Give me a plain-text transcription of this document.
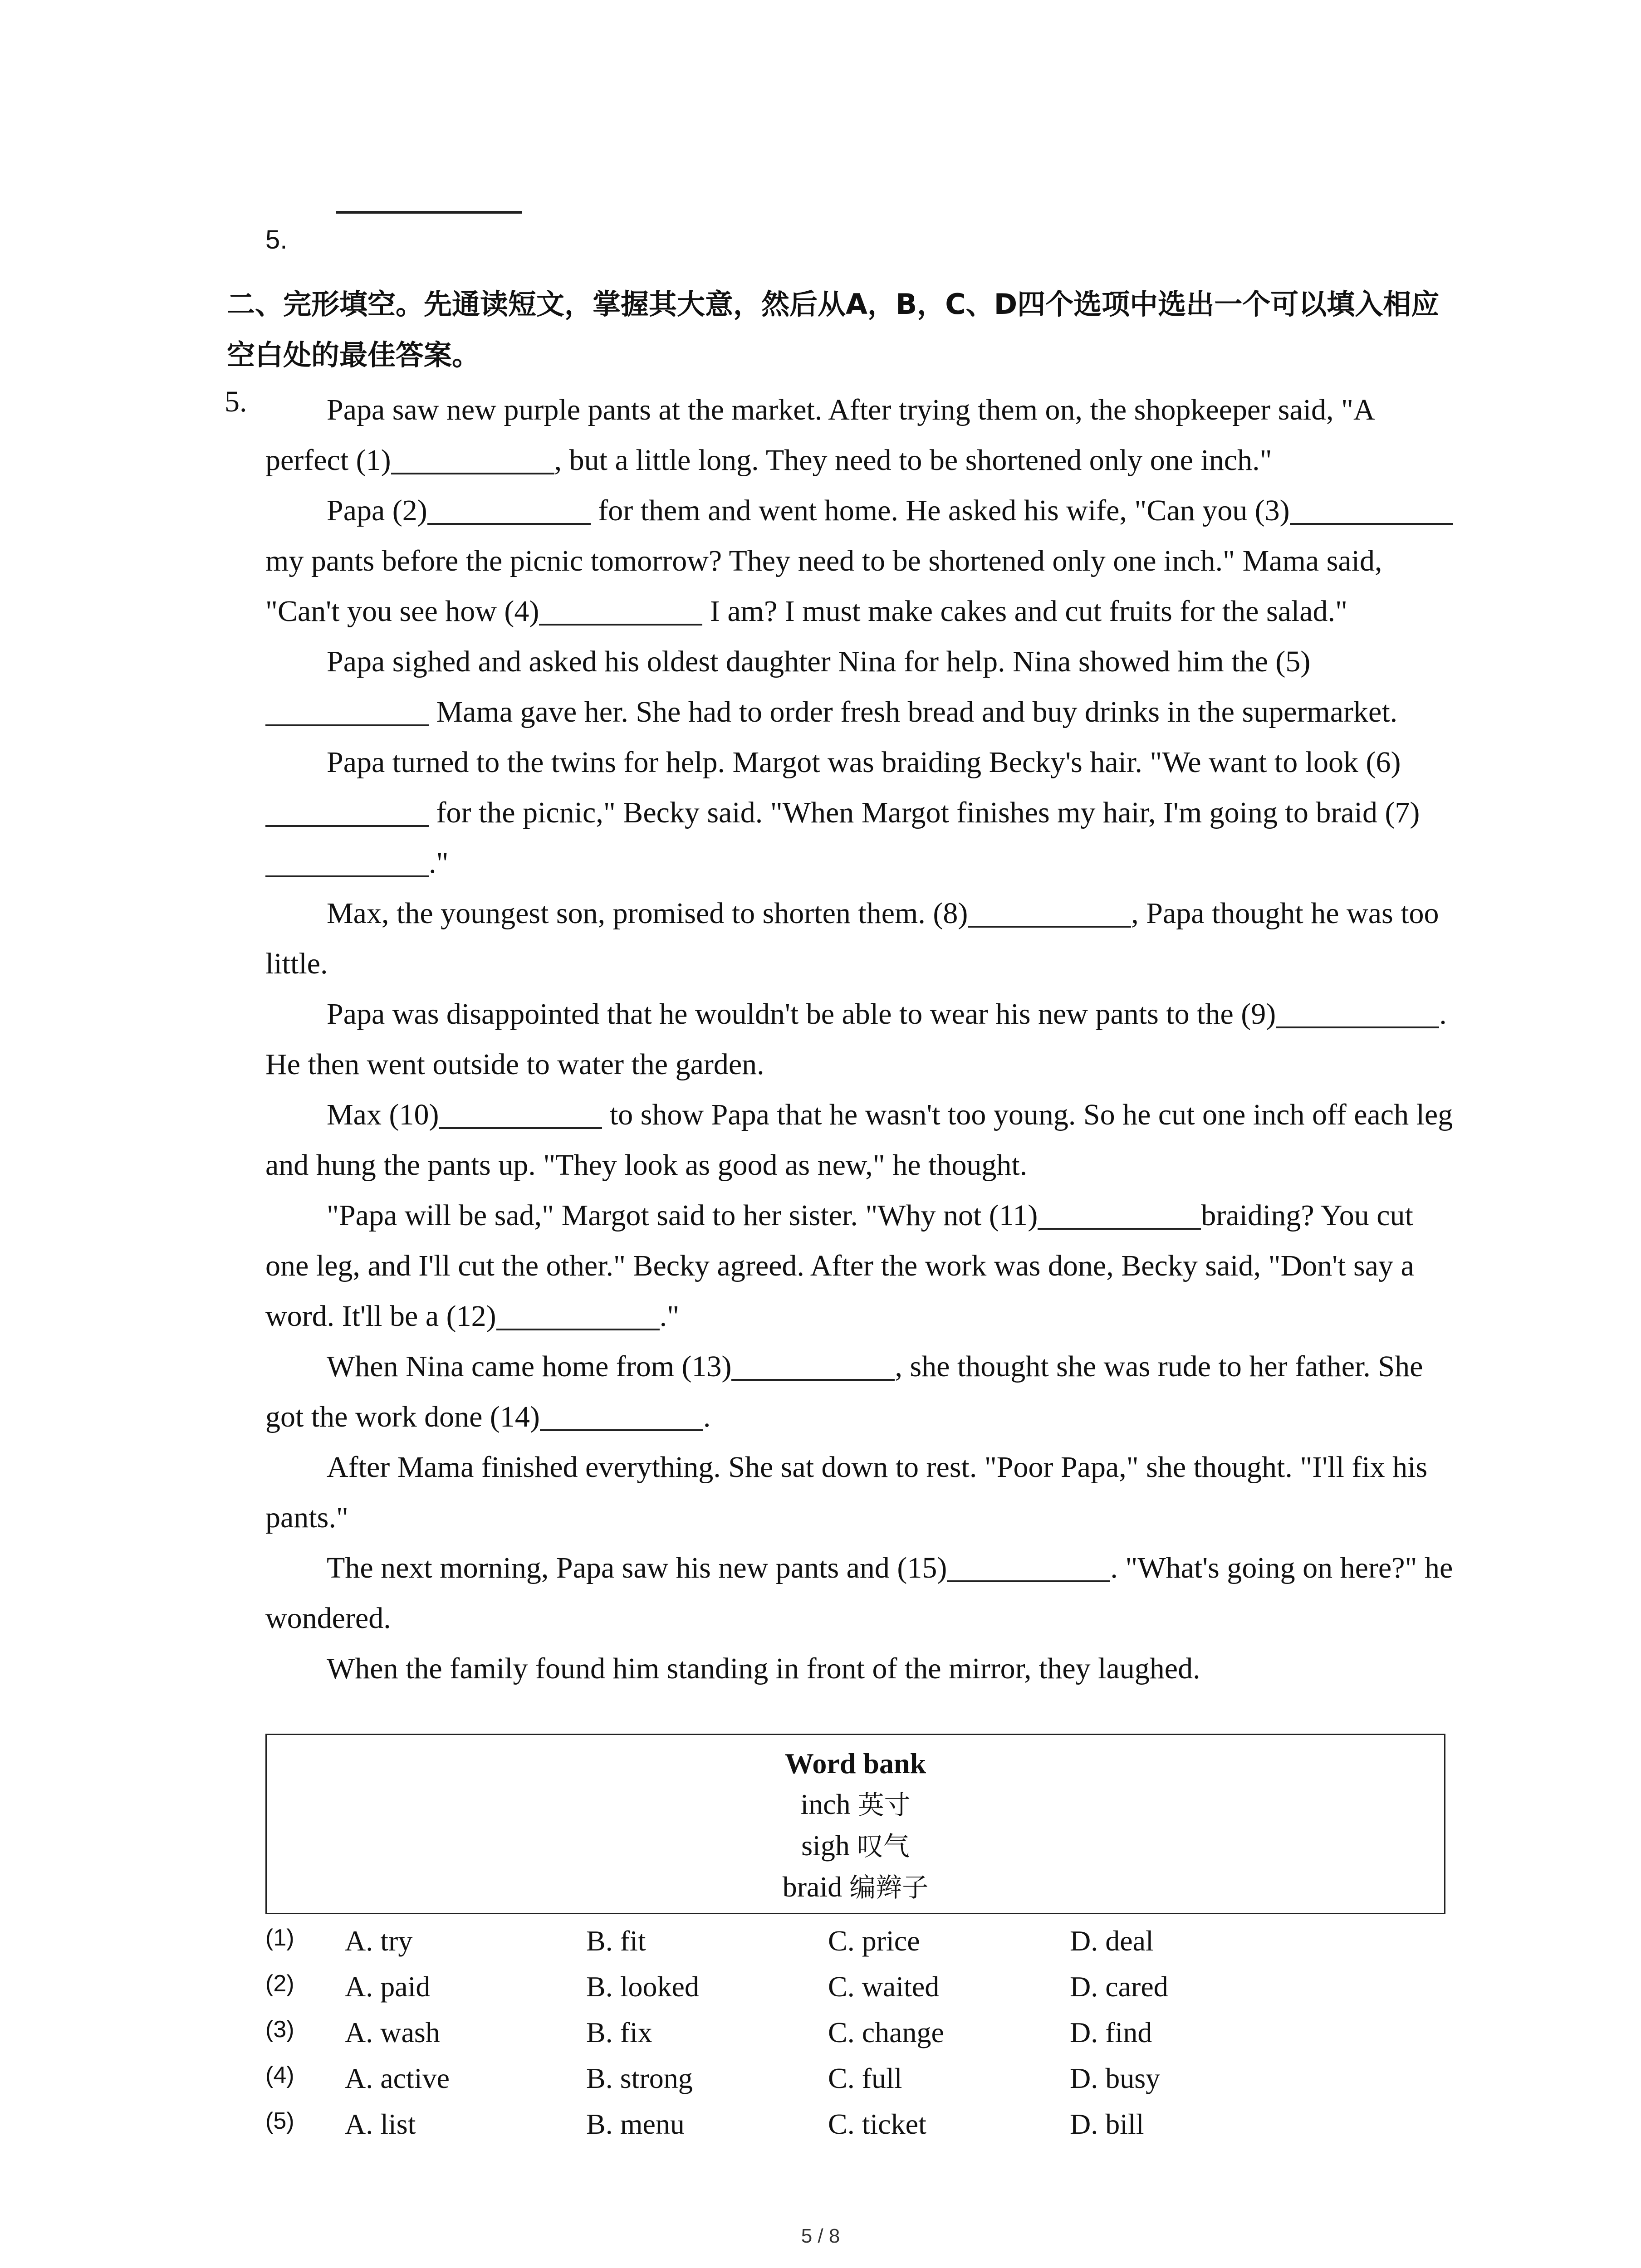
5.
二、完形填空。先通读短文，掌握其大意，然后从A，B，C、D四个选项中选出一个可以填入相应空白处的最佳答案。
5.	Papa saw new purple pants at the market. After trying them on, the shopkeeper said, "A perfect (1)	, but a little long. They need to be shortened only one inch."

Papa (2)	for them and went home. He asked his wife, "Can you (3) my pants before the picnic tomorrow? They need to be shortened only one inch." Mama said, "Can't you see how (4)	I am? I must make cakes and cut fruits for the salad."

Papa sighed and asked his oldest daughter Nina for help. Nina showed him the (5) Mama gave her. She had to order fresh bread and buy drinks in the supermarket.

Papa turned to the twins for help. Margot was braiding Becky's hair. "We want to look (6) for the picnic," Becky said. "When Margot finishes my hair, I'm going to braid (7)."

Max, the youngest son, promised to shorten them. (8)	, Papa thought he was too little.

Papa was disappointed that he wouldn't be able to wear his new pants to the (9)	. He then went outside to water the garden.

Max (10)	to show Papa that he wasn't too young. So he cut one inch off each leg and hung the pants up. "They look as good as new," he thought.

"Papa will be sad," Margot said to her sister. "Why not (11)	braiding? You cut one leg, and I'll cut the other." Becky agreed. After the work was done, Becky said, "Don't say a word. It'll be a (12)	."

When Nina came home from (13)	, she thought she was rude to her father. She got the work done (14)	.

After Mama finished everything. She sat down to rest. "Poor Papa," she thought. "I'll fix his pants."

The next morning, Papa saw his new pants and (15)	. "What's going on here?" he wondered.

When the family found him standing in front of the mirror, they laughed.

Word bank
inch 英寸
sigh 叹气
braid 编辫子
(1) A. try	B. fit	C. price	D. deal
(2) A. paid	B. looked	C. waited	D. cared
(3) A. wash	B. fix	C. change	D. find
(4) A. active	B. strong	C. full	D. busy
(5) A. list	B. menu	C. ticket	D. bill
5 / 8
